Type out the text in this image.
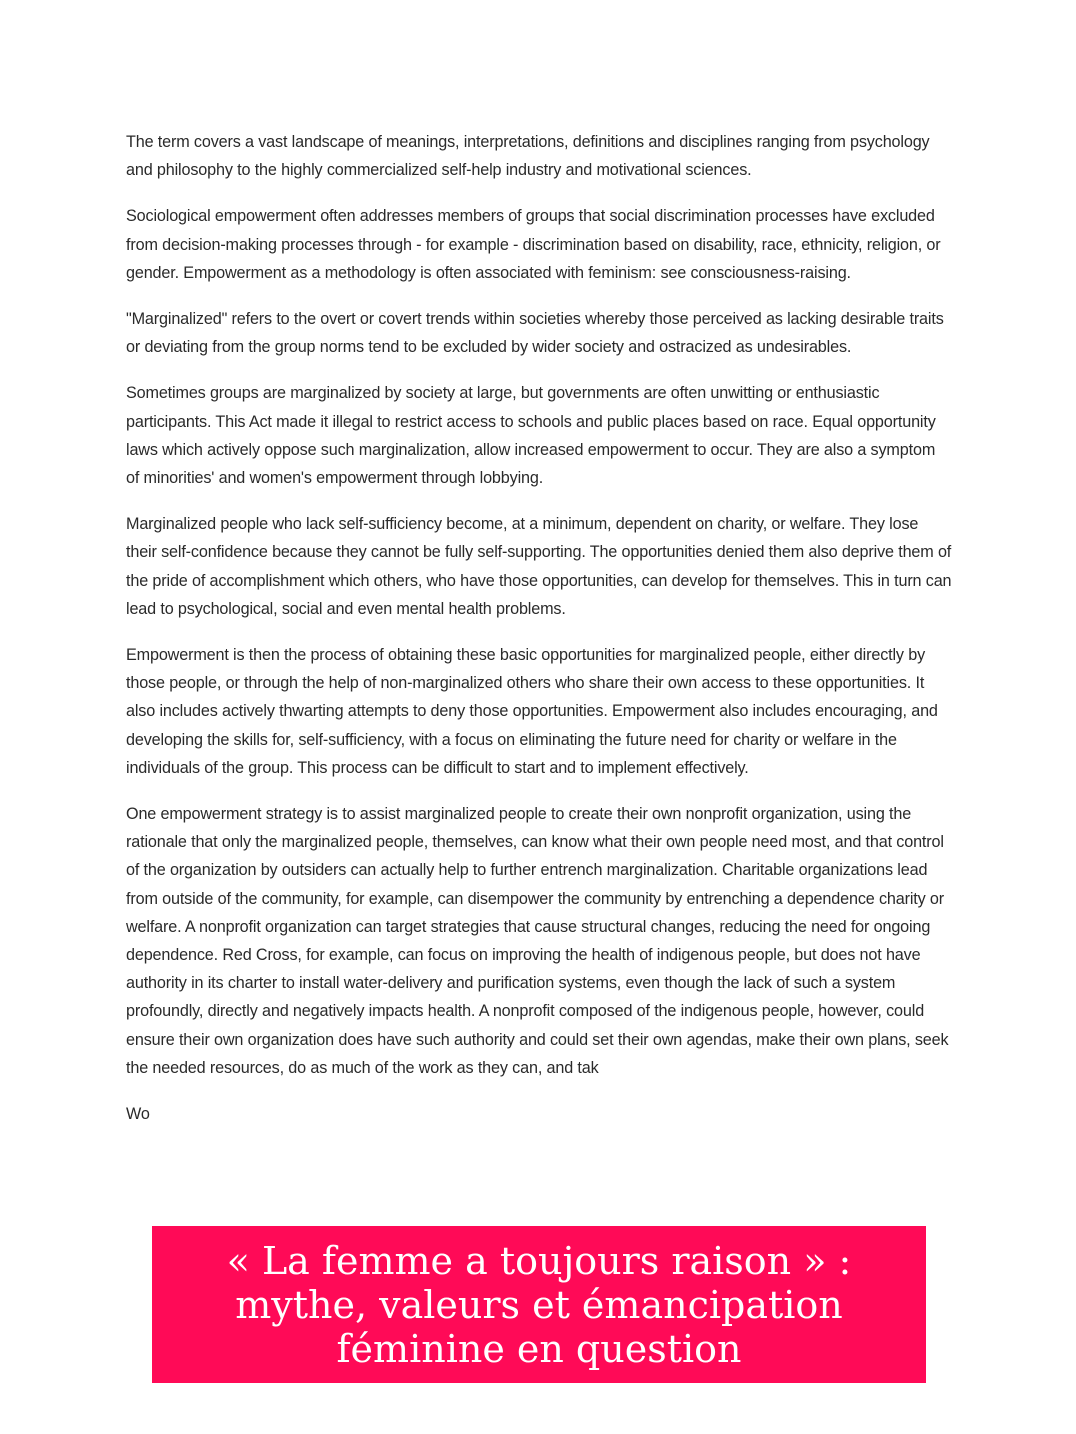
The term covers a vast landscape of meanings, interpretations, definitions and disciplines ranging from psychology and philosophy to the highly commercialized self-help industry and motivational sciences.

Sociological empowerment often addresses members of groups that social discrimination processes have excluded from decision-making processes through - for example - discrimination based on disability, race, ethnicity, religion, or gender. Empowerment as a methodology is often associated with feminism: see consciousness-raising.

"Marginalized" refers to the overt or covert trends within societies whereby those perceived as lacking desirable traits or deviating from the group norms tend to be excluded by wider society and ostracized as undesirables.

Sometimes groups are marginalized by society at large, but governments are often unwitting or enthusiastic participants. This Act made it illegal to restrict access to schools and public places based on race. Equal opportunity laws which actively oppose such marginalization, allow increased empowerment to occur. They are also a symptom of minorities' and women's empowerment through lobbying.

Marginalized people who lack self-sufficiency become, at a minimum, dependent on charity, or welfare. They lose their self-confidence because they cannot be fully self-supporting. The opportunities denied them also deprive them of the pride of accomplishment which others, who have those opportunities, can develop for themselves. This in turn can lead to psychological, social and even mental health problems.

Empowerment is then the process of obtaining these basic opportunities for marginalized people, either directly by those people, or through the help of non-marginalized others who share their own access to these opportunities. It also includes actively thwarting attempts to deny those opportunities. Empowerment also includes encouraging, and developing the skills for, self-sufficiency, with a focus on eliminating the future need for charity or welfare in the individuals of the group. This process can be difficult to start and to implement effectively.

One empowerment strategy is to assist marginalized people to create their own nonprofit organization, using the rationale that only the marginalized people, themselves, can know what their own people need most, and that control of the organization by outsiders can actually help to further entrench marginalization. Charitable organizations lead from outside of the community, for example, can disempower the community by entrenching a dependence charity or welfare. A nonprofit organization can target strategies that cause structural changes, reducing the need for ongoing dependence. Red Cross, for example, can focus on improving the health of indigenous people, but does not have authority in its charter to install water-delivery and purification systems, even though the lack of such a system profoundly, directly and negatively impacts health. A nonprofit composed of the indigenous people, however, could ensure their own organization does have such authority and could set their own agendas, make their own plans, seek the needed resources, do as much of the work as they can, and tak

Wo

« La femme a toujours raison » : mythe, valeurs et émancipation féminine en question
